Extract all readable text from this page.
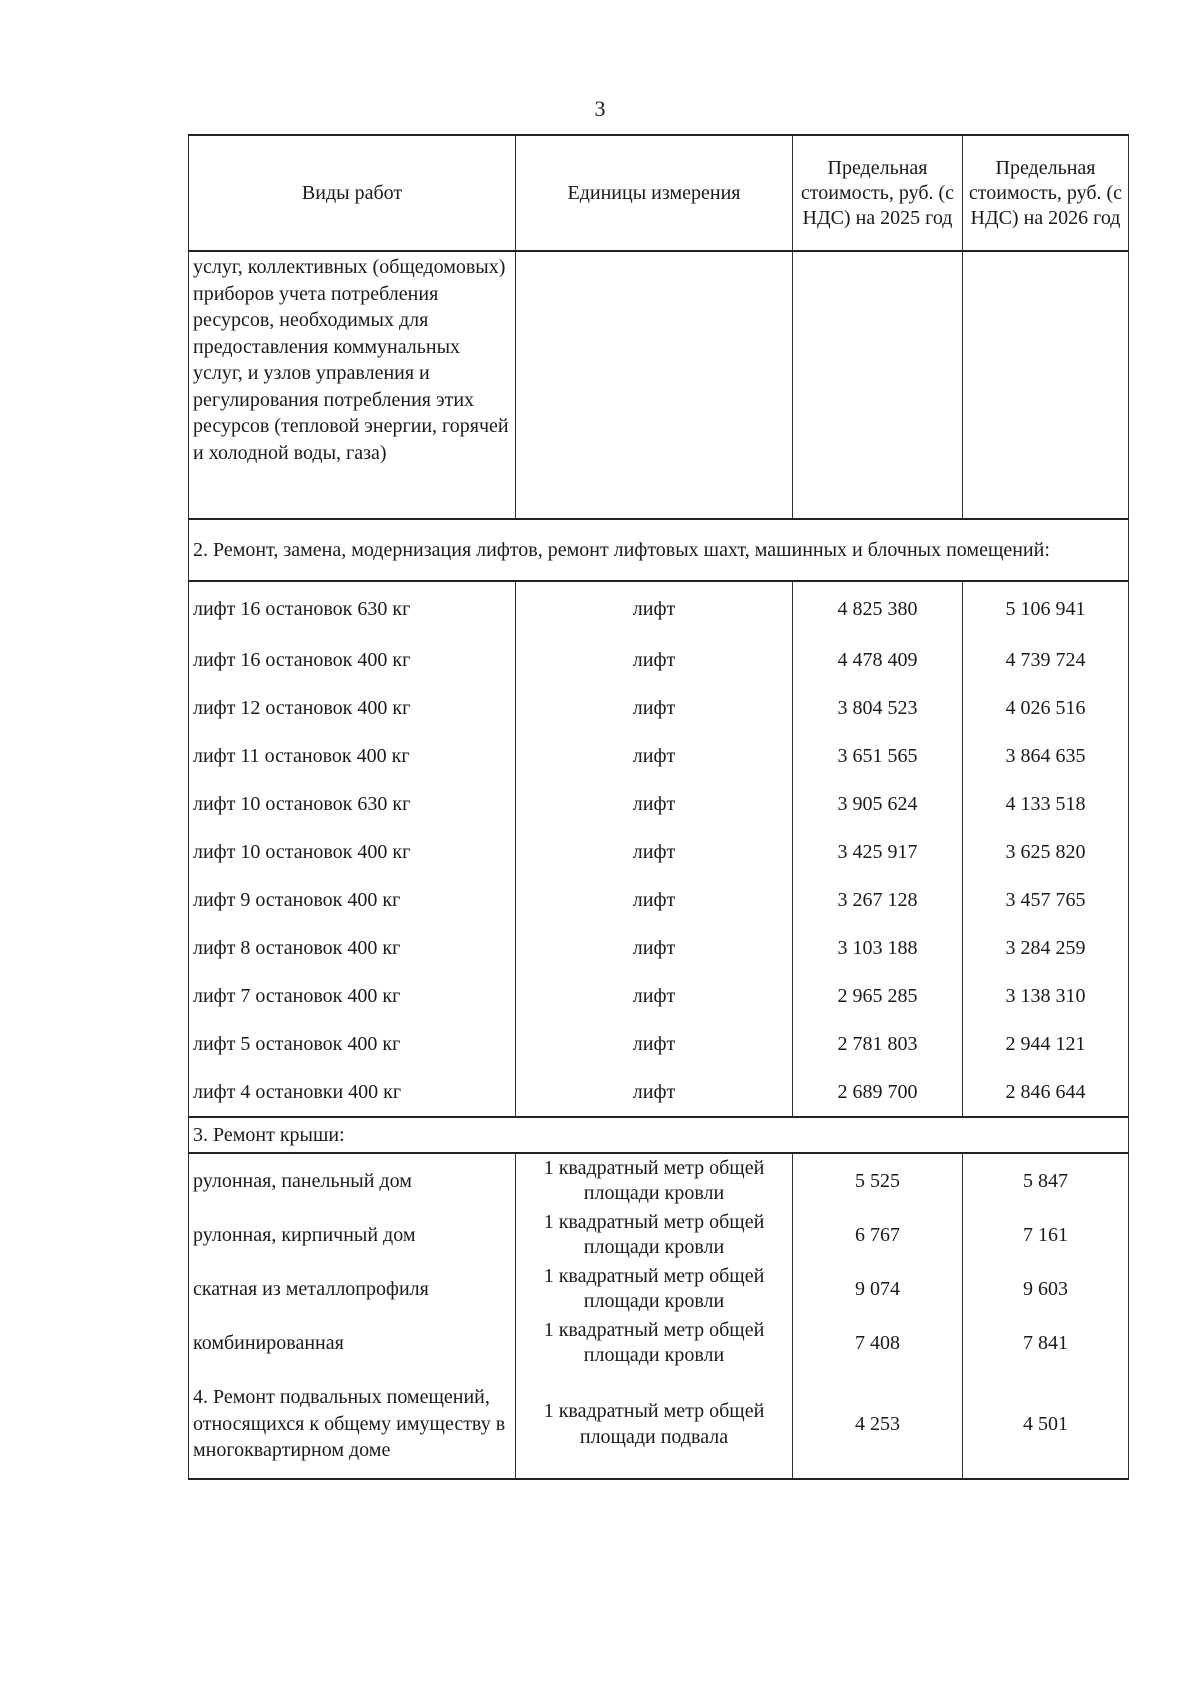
3
Виды работ	Единицы измерения	Предельная стоимость, руб. (с НДС) на 2025 год	Предельная стоимость, руб. (с НДС) на 2026 год
услуг, коллективных (общедомовых) приборов учета потребления ресурсов, необходимых для предоставления коммунальных услуг, и узлов управления и регулирования потребления этих ресурсов (тепловой энергии, горячей и холодной воды, газа)			
2. Ремонт, замена, модернизация лифтов, ремонт лифтовых шахт, машинных и блочных помещений:			
лифт 16 остановок 630 кг	лифт	4 825 380	5 106 941
лифт 16 остановок 400 кг	лифт	4 478 409	4 739 724
лифт 12 остановок 400 кг	лифт	3 804 523	4 026 516
лифт 11 остановок 400 кг	лифт	3 651 565	3 864 635
лифт 10 остановок 630 кг	лифт	3 905 624	4 133 518
лифт 10 остановок 400 кг	лифт	3 425 917	3 625 820
лифт 9 остановок 400 кг	лифт	3 267 128	3 457 765
лифт 8 остановок 400 кг	лифт	3 103 188	3 284 259
лифт 7 остановок 400 кг	лифт	2 965 285	3 138 310
лифт 5 остановок 400 кг	лифт	2 781 803	2 944 121
лифт 4 остановки 400 кг	лифт	2 689 700	2 846 644
3. Ремонт крыши:			
рулонная, панельный дом	1 квадратный метр общей площади кровли	5 525	5 847
рулонная, кирпичный дом	1 квадратный метр общей площади кровли	6 767	7 161
скатная из металлопрофиля	1 квадратный метр общей площади кровли	9 074	9 603
комбинированная	1 квадратный метр общей площади кровли	7 408	7 841
4. Ремонт подвальных помещений, относящихся к общему имуществу в многоквартирном доме	1 квадратный метр общей площади подвала	4 253	4 501
